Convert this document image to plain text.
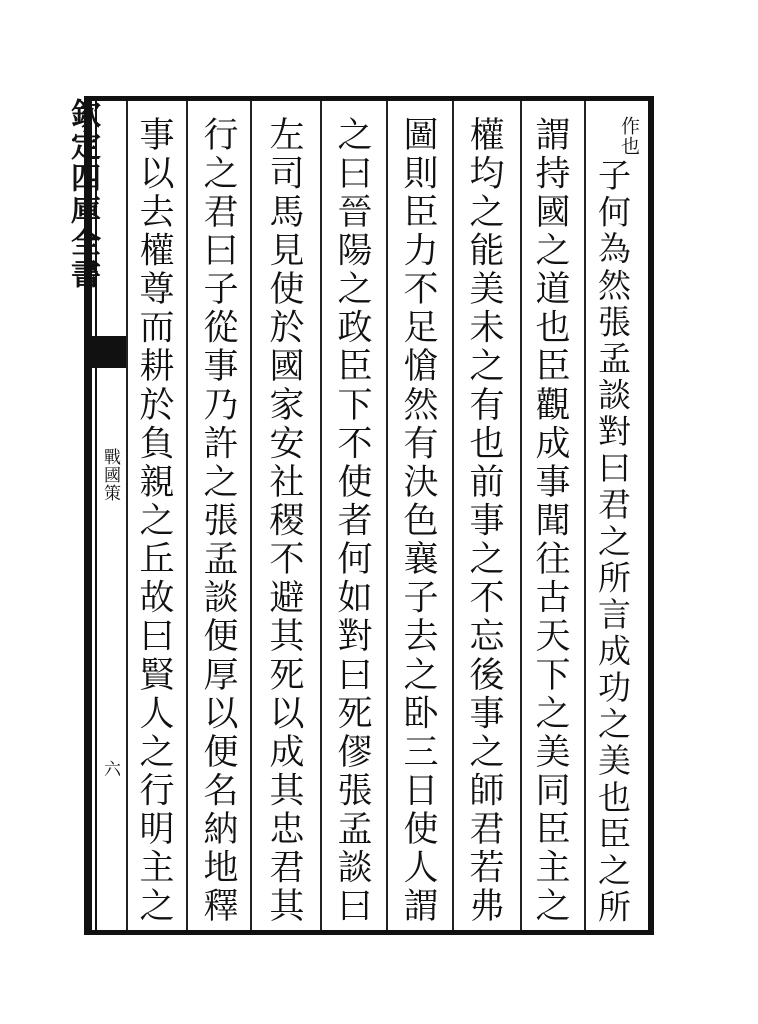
欽定四庫全書
戰國策
六
作也
子何為然張孟談對曰君之所言成功之美也臣之所
謂持國之道也臣觀成事聞往古天下之美同臣主之
權均之能美未之有也前事之不忘後事之師君若弗
圖則臣力不足愴然有決色襄子去之卧三日使人謂
之曰晉陽之政臣下不使者何如對曰死僇張孟談曰
左司馬見使於國家安社稷不避其死以成其忠君其
行之君曰子從事乃許之張孟談便厚以便名納地釋
事以去權尊而耕於負親之丘故曰賢人之行明主之
